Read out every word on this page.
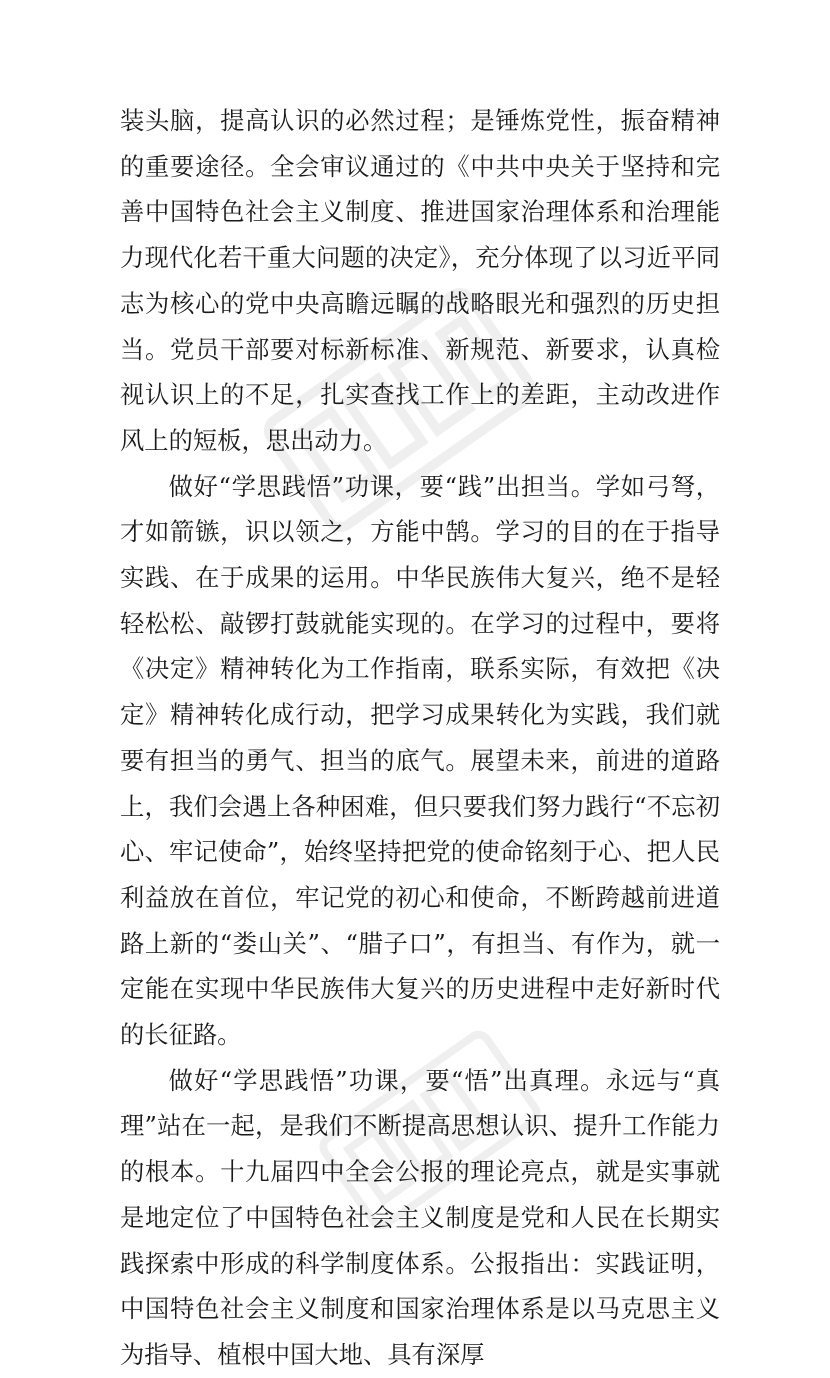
装头脑，提高认识的必然过程；是锤炼党性，振奋精神的重要途径。全会审议通过的《中共中央关于坚持和完善中国特色社会主义制度、推进国家治理体系和治理能力现代化若干重大问题的决定》，充分体现了以习近平同志为核心的党中央高瞻远瞩的战略眼光和强烈的历史担当。党员干部要对标新标准、新规范、新要求，认真检视认识上的不足，扎实查找工作上的差距，主动改进作风上的短板，思出动力。

做好“学思践悟”功课，要“践”出担当。学如弓弩，才如箭镞，识以领之，方能中鹄。学习的目的在于指导实践、在于成果的运用。中华民族伟大复兴，绝不是轻轻松松、敲锣打鼓就能实现的。在学习的过程中，要将《决定》精神转化为工作指南，联系实际，有效把《决定》精神转化成行动，把学习成果转化为实践，我们就要有担当的勇气、担当的底气。展望未来，前进的道路上，我们会遇上各种困难，但只要我们努力践行“不忘初心、牢记使命”，始终坚持把党的使命铭刻于心、把人民利益放在首位，牢记党的初心和使命，不断跨越前进道路上新的“娄山关”、“腊子口”，有担当、有作为，就一定能在实现中华民族伟大复兴的历史进程中走好新时代的长征路。

做好“学思践悟”功课，要“悟”出真理。永远与“真理”站在一起，是我们不断提高思想认识、提升工作能力的根本。十九届四中全会公报的理论亮点，就是实事就是地定位了中国特色社会主义制度是党和人民在长期实践探索中形成的科学制度体系。公报指出：实践证明，中国特色社会主义制度和国家治理体系是以马克思主义为指导、植根中国大地、具有深厚
